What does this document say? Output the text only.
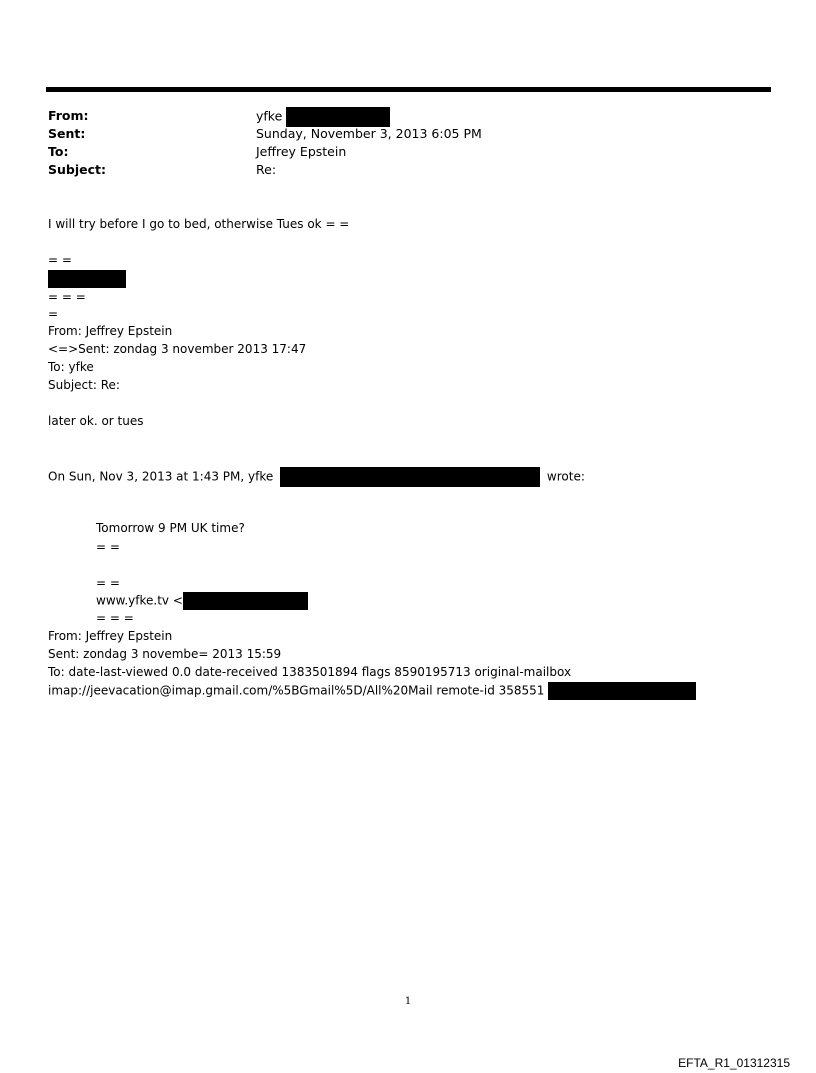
From:	yfke
Sent:	Sunday, November 3, 2013 6:05 PM
To:	Jeffrey Epstein
Subject:	Re:
I will try before I go to bed, otherwise Tues ok = =
= =
= = =
=
From: Jeffrey Epstein
<=>Sent: zondag 3 november 2013 17:47
To: yfke
Subject: Re:
later ok. or tues
On Sun, Nov 3, 2013 at 1:43 PM, yfke	wrote:
Tomorrow 9 PM UK time?
= =
= =
www.yfke.tv <
= = =
From: Jeffrey Epstein
Sent: zondag 3 novembe= 2013 15:59
To: date-last-viewed 0.0 date-received 1383501894 flags 8590195713 original-mailbox
imap://jeevacation@imap.gmail.com/%5BGmail%5D/All%20Mail remote-id 358551
1
EFTA_R1_01312315
